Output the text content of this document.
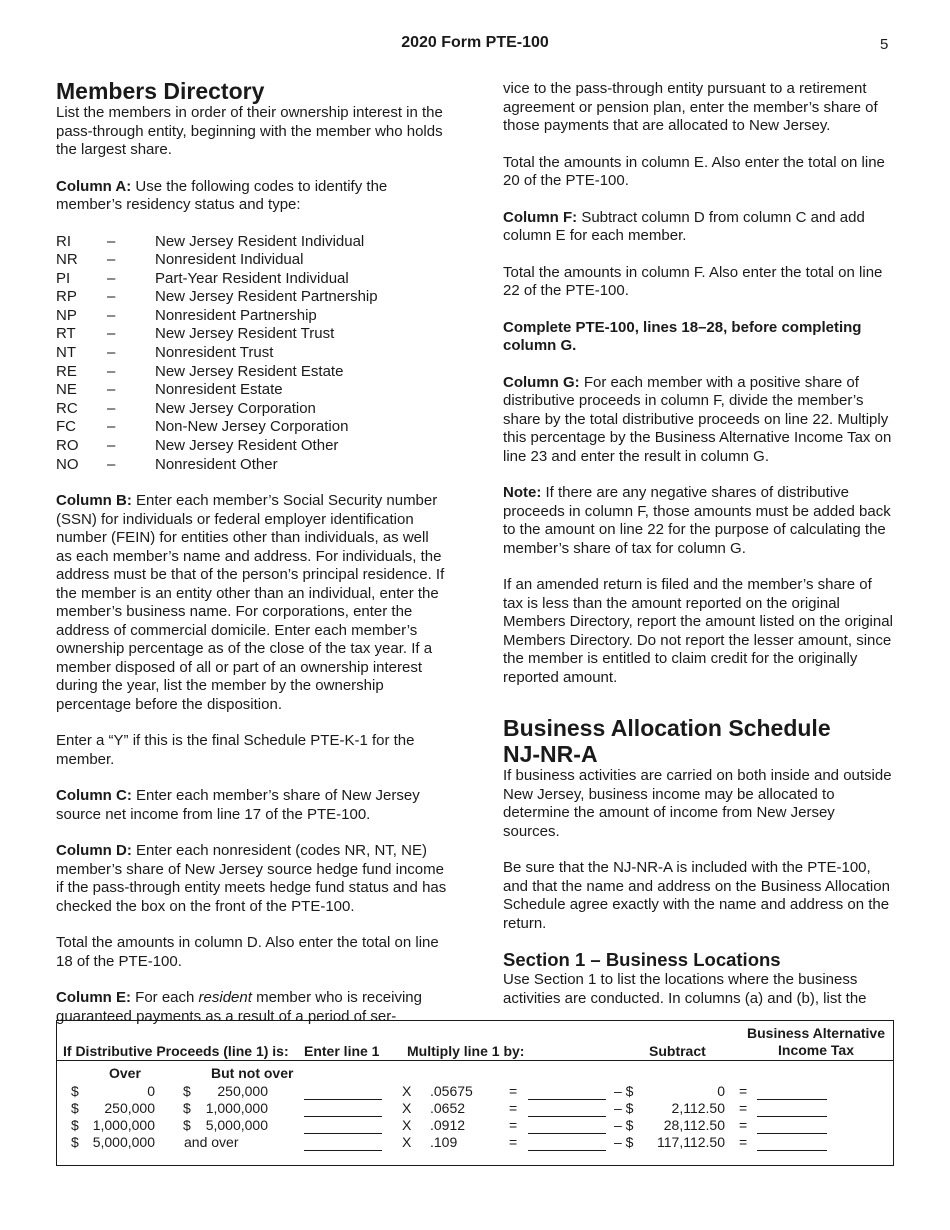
2020 Form PTE-100	5
Members Directory

List the members in order of their ownership interest in the pass-through entity, beginning with the member who holds the largest share.

Column A: Use the following codes to identify the member’s residency status and type:

RI	–	New Jersey Resident Individual
NR	–	Nonresident Individual
PI	–	Part-Year Resident Individual
RP	–	New Jersey Resident Partnership
NP	–	Nonresident Partnership
RT	–	New Jersey Resident Trust
NT	–	Nonresident Trust
RE	–	New Jersey Resident Estate
NE	–	Nonresident Estate
RC	–	New Jersey Corporation
FC	–	Non-New Jersey Corporation
RO	–	New Jersey Resident Other
NO	–	Nonresident Other

Column B: Enter each member’s Social Security number (SSN) for individuals or federal employer identification number (FEIN) for entities other than individuals, as well as each member’s name and address. For individuals, the address must be that of the person’s principal residence. If the member is an entity other than an individual, enter the member’s business name. For corporations, enter the address of commercial domicile. Enter each member’s ownership percentage as of the close of the tax year. If a member disposed of all or part of an ownership interest during the year, list the member by the ownership percentage before the disposition.

Enter a “Y” if this is the final Schedule PTE-K-1 for the member.

Column C: Enter each member’s share of New Jersey source net income from line 17 of the PTE-100.

Column D: Enter each nonresident (codes NR, NT, NE) member’s share of New Jersey source hedge fund income if the pass-through entity meets hedge fund status and has checked the box on the front of the PTE-100.

Total the amounts in column D. Also enter the total on line 18 of the PTE-100.

Column E: For each resident member who is receiving guaranteed payments as a result of a period of ser-

vice to the pass-through entity pursuant to a retirement agreement or pension plan, enter the member’s share of those payments that are allocated to New Jersey.

Total the amounts in column E. Also enter the total on line 20 of the PTE-100.

Column F: Subtract column D from column C and add column E for each member.

Total the amounts in column F. Also enter the total on line 22 of the PTE-100.

Complete PTE-100, lines 18–28, before completing column G.

Column G: For each member with a positive share of distributive proceeds in column F, divide the member’s share by the total distributive proceeds on line 22. Multiply this percentage by the Business Alternative Income Tax on line 23 and enter the result in column G.

Note: If there are any negative shares of distributive proceeds in column F, those amounts must be added back to the amount on line 22 for the purpose of calculating the member’s share of tax for column G.

If an amended return is filed and the member’s share of tax is less than the amount reported on the original Members Directory, report the amount listed on the original Members Directory. Do not report the lesser amount, since the member is entitled to claim credit for the originally reported amount.

Business Allocation Schedule NJ-NR-A

If business activities are carried on both inside and outside New Jersey, business income may be allocated to determine the amount of income from New Jersey sources.

Be sure that the NJ-NR-A is included with the PTE-100, and that the name and address on the Business Allocation Schedule agree exactly with the name and address on the return.

Section 1 – Business Locations

Use Section 1 to list the locations where the business activities are conducted. In columns (a) and (b), list the

If Distributive Proceeds (line 1) is: Enter line 1 Multiply line 1 by:	Subtract
Business Alternative
Income Tax
Over	But not over
$	0 $	250,000	X .05675	=	– $	0 =
$	250,000 $	1,000,000	X .0652	=	– $	2,112.50 =
$ 1,000,000 $	5,000,000	X .0912	=	– $	28,112.50 =
$ 5,000,000 and over	X .109	=	– $	117,112.50 =
